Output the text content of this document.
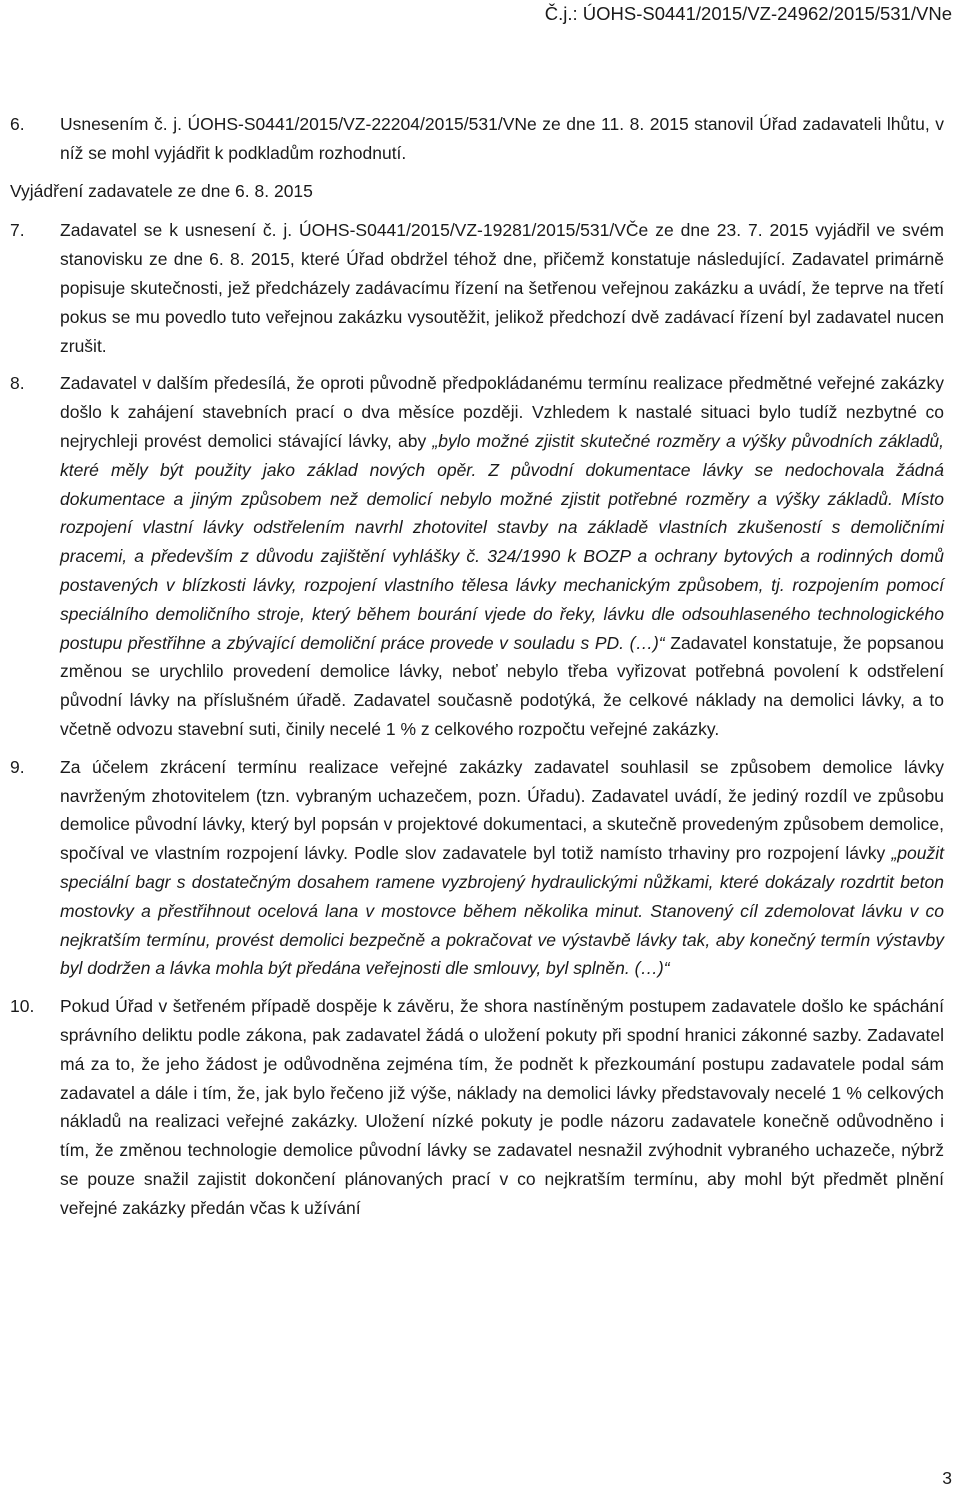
Č.j.: ÚOHS-S0441/2015/VZ-24962/2015/531/VNe
6.	Usnesením č. j. ÚOHS-S0441/2015/VZ-22204/2015/531/VNe ze dne 11. 8. 2015 stanovil Úřad zadavateli lhůtu, v níž se mohl vyjádřit k podkladům rozhodnutí.
Vyjádření zadavatele ze dne 6. 8. 2015
7.	Zadavatel se k usnesení č. j. ÚOHS-S0441/2015/VZ-19281/2015/531/VČe ze dne 23. 7. 2015 vyjádřil ve svém stanovisku ze dne 6. 8. 2015, které Úřad obdržel téhož dne, přičemž konstatuje následující. Zadavatel primárně popisuje skutečnosti, jež předcházely zadávacímu řízení na šetřenou veřejnou zakázku a uvádí, že teprve na třetí pokus se mu povedlo tuto veřejnou zakázku vysoutěžit, jelikož předchozí dvě zadávací řízení byl zadavatel nucen zrušit.
8.	Zadavatel v dalším předesílá, že oproti původně předpokládanému termínu realizace předmětné veřejné zakázky došlo k zahájení stavebních prací o dva měsíce později. Vzhledem k nastalé situaci bylo tudíž nezbytné co nejrychleji provést demolici stávající lávky, aby „bylo možné zjistit skutečné rozměry a výšky původních základů, které měly být použity jako základ nových opěr. Z původní dokumentace lávky se nedochovala žádná dokumentace a jiným způsobem než demolicí nebylo možné zjistit potřebné rozměry a výšky základů. Místo rozpojení vlastní lávky odstřelením navrhl zhotovitel stavby na základě vlastních zkušeností s demoličními pracemi, a především z důvodu zajištění vyhlášky č. 324/1990 k BOZP a ochrany bytových a rodinných domů postavených v blízkosti lávky, rozpojení vlastního tělesa lávky mechanickým způsobem, tj. rozpojením pomocí speciálního demoličního stroje, který během bourání vjede do řeky, lávku dle odsouhlaseného technologického postupu přestřihne a zbývající demoliční práce provede v souladu s PD. (…)“ Zadavatel konstatuje, že popsanou změnou se urychlilo provedení demolice lávky, neboť nebylo třeba vyřizovat potřebná povolení k odstřelení původní lávky na příslušném úřadě. Zadavatel současně podotýká, že celkové náklady na demolici lávky, a to včetně odvozu stavební suti, činily necelé 1 % z celkového rozpočtu veřejné zakázky.
9.	Za účelem zkrácení termínu realizace veřejné zakázky zadavatel souhlasil se způsobem demolice lávky navrženým zhotovitelem (tzn. vybraným uchazečem, pozn. Úřadu). Zadavatel uvádí, že jediný rozdíl ve způsobu demolice původní lávky, který byl popsán v projektové dokumentaci, a skutečně provedeným způsobem demolice, spočíval ve vlastním rozpojení lávky. Podle slov zadavatele byl totiž namísto trhaviny pro rozpojení lávky „použit speciální bagr s dostatečným dosahem ramene vyzbrojený hydraulickými nůžkami, které dokázaly rozdrtit beton mostovky a přestřihnout ocelová lana v mostovce během několika minut. Stanovený cíl zdemolovat lávku v co nejkratším termínu, provést demolici bezpečně a pokračovat ve výstavbě lávky tak, aby konečný termín výstavby byl dodržen a lávka mohla být předána veřejnosti dle smlouvy, byl splněn. (…)“
10.	Pokud Úřad v šetřeném případě dospěje k závěru, že shora nastíněným postupem zadavatele došlo ke spáchání správního deliktu podle zákona, pak zadavatel žádá o uložení pokuty při spodní hranici zákonné sazby. Zadavatel má za to, že jeho žádost je odůvodněna zejména tím, že podnět k přezkoumání postupu zadavatele podal sám zadavatel a dále i tím, že, jak bylo řečeno již výše, náklady na demolici lávky představovaly necelé 1 % celkových nákladů na realizaci veřejné zakázky. Uložení nízké pokuty je podle názoru zadavatele konečně odůvodněno i tím, že změnou technologie demolice původní lávky se zadavatel nesnažil zvýhodnit vybraného uchazeče, nýbrž se pouze snažil zajistit dokončení plánovaných prací v co nejkratším termínu, aby mohl být předmět plnění veřejné zakázky předán včas k užívání
3
